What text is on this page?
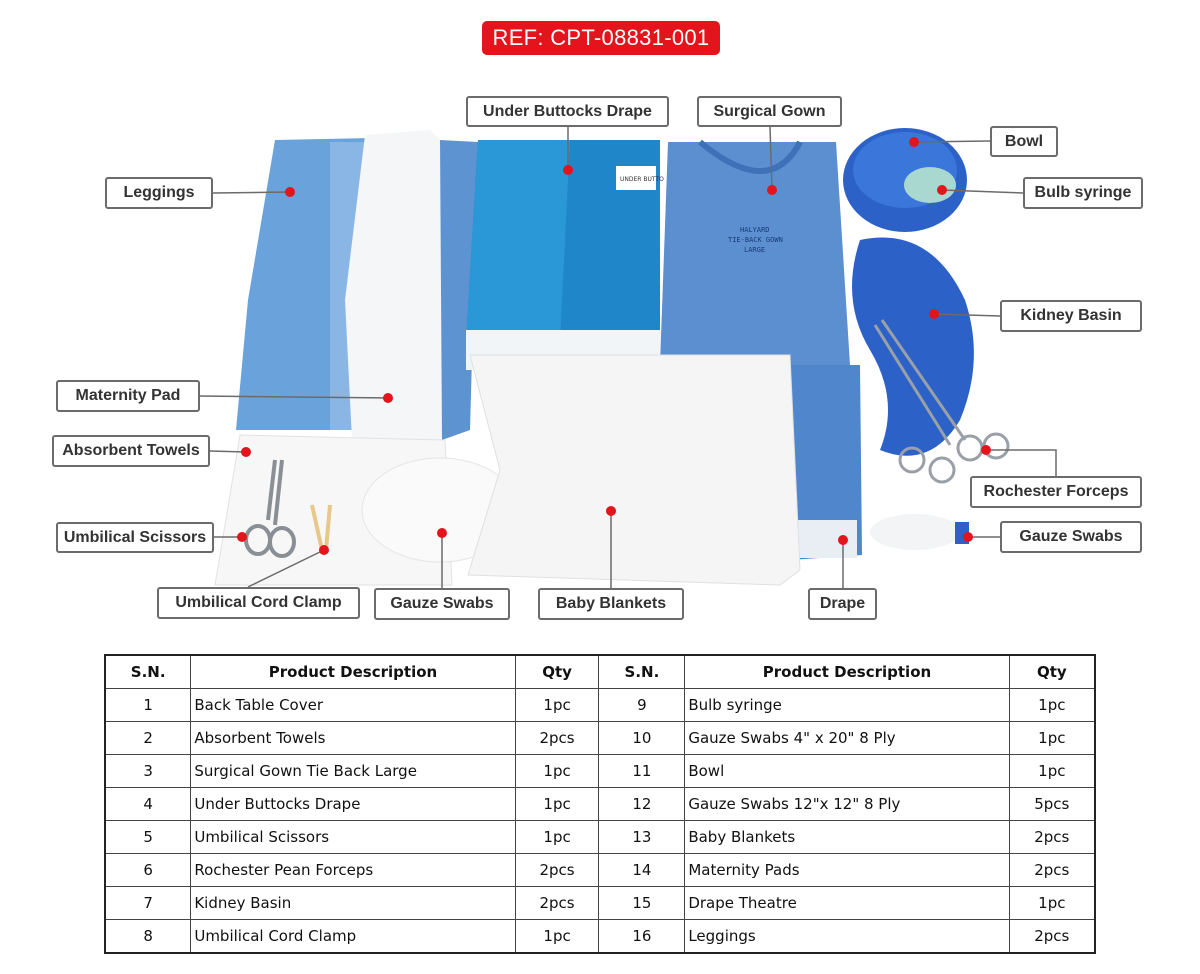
REF: CPT-08831-001
UNDER BUTTO
HALYARD
TIE-BACK GOWN
LARGE
Under Buttocks Drape	Surgical Gown
Bowl
Leggings	Bulb syringe
Kidney Basin
Maternity Pad
Absorbent Towels
Rochester Forceps
Umbilical Scissors	Gauze Swabs
Umbilical Cord Clamp	Gauze Swabs	Baby Blankets	Drape
S.N.	Product Description	Qty	S.N.	Product Description	Qty
1	Back Table Cover	1pc	9	Bulb syringe	1pc
2	Absorbent Towels	2pcs	10	Gauze Swabs 4" x 20" 8 Ply	1pc
3	Surgical Gown Tie Back Large	1pc	11	Bowl	1pc
4	Under Buttocks Drape	1pc	12	Gauze Swabs 12"x 12" 8 Ply	5pcs
5	Umbilical Scissors	1pc	13	Baby Blankets	2pcs
6	Rochester Pean Forceps	2pcs	14	Maternity Pads	2pcs
7	Kidney Basin	2pcs	15	Drape Theatre	1pc
8	Umbilical Cord Clamp	1pc	16	Leggings	2pcs
